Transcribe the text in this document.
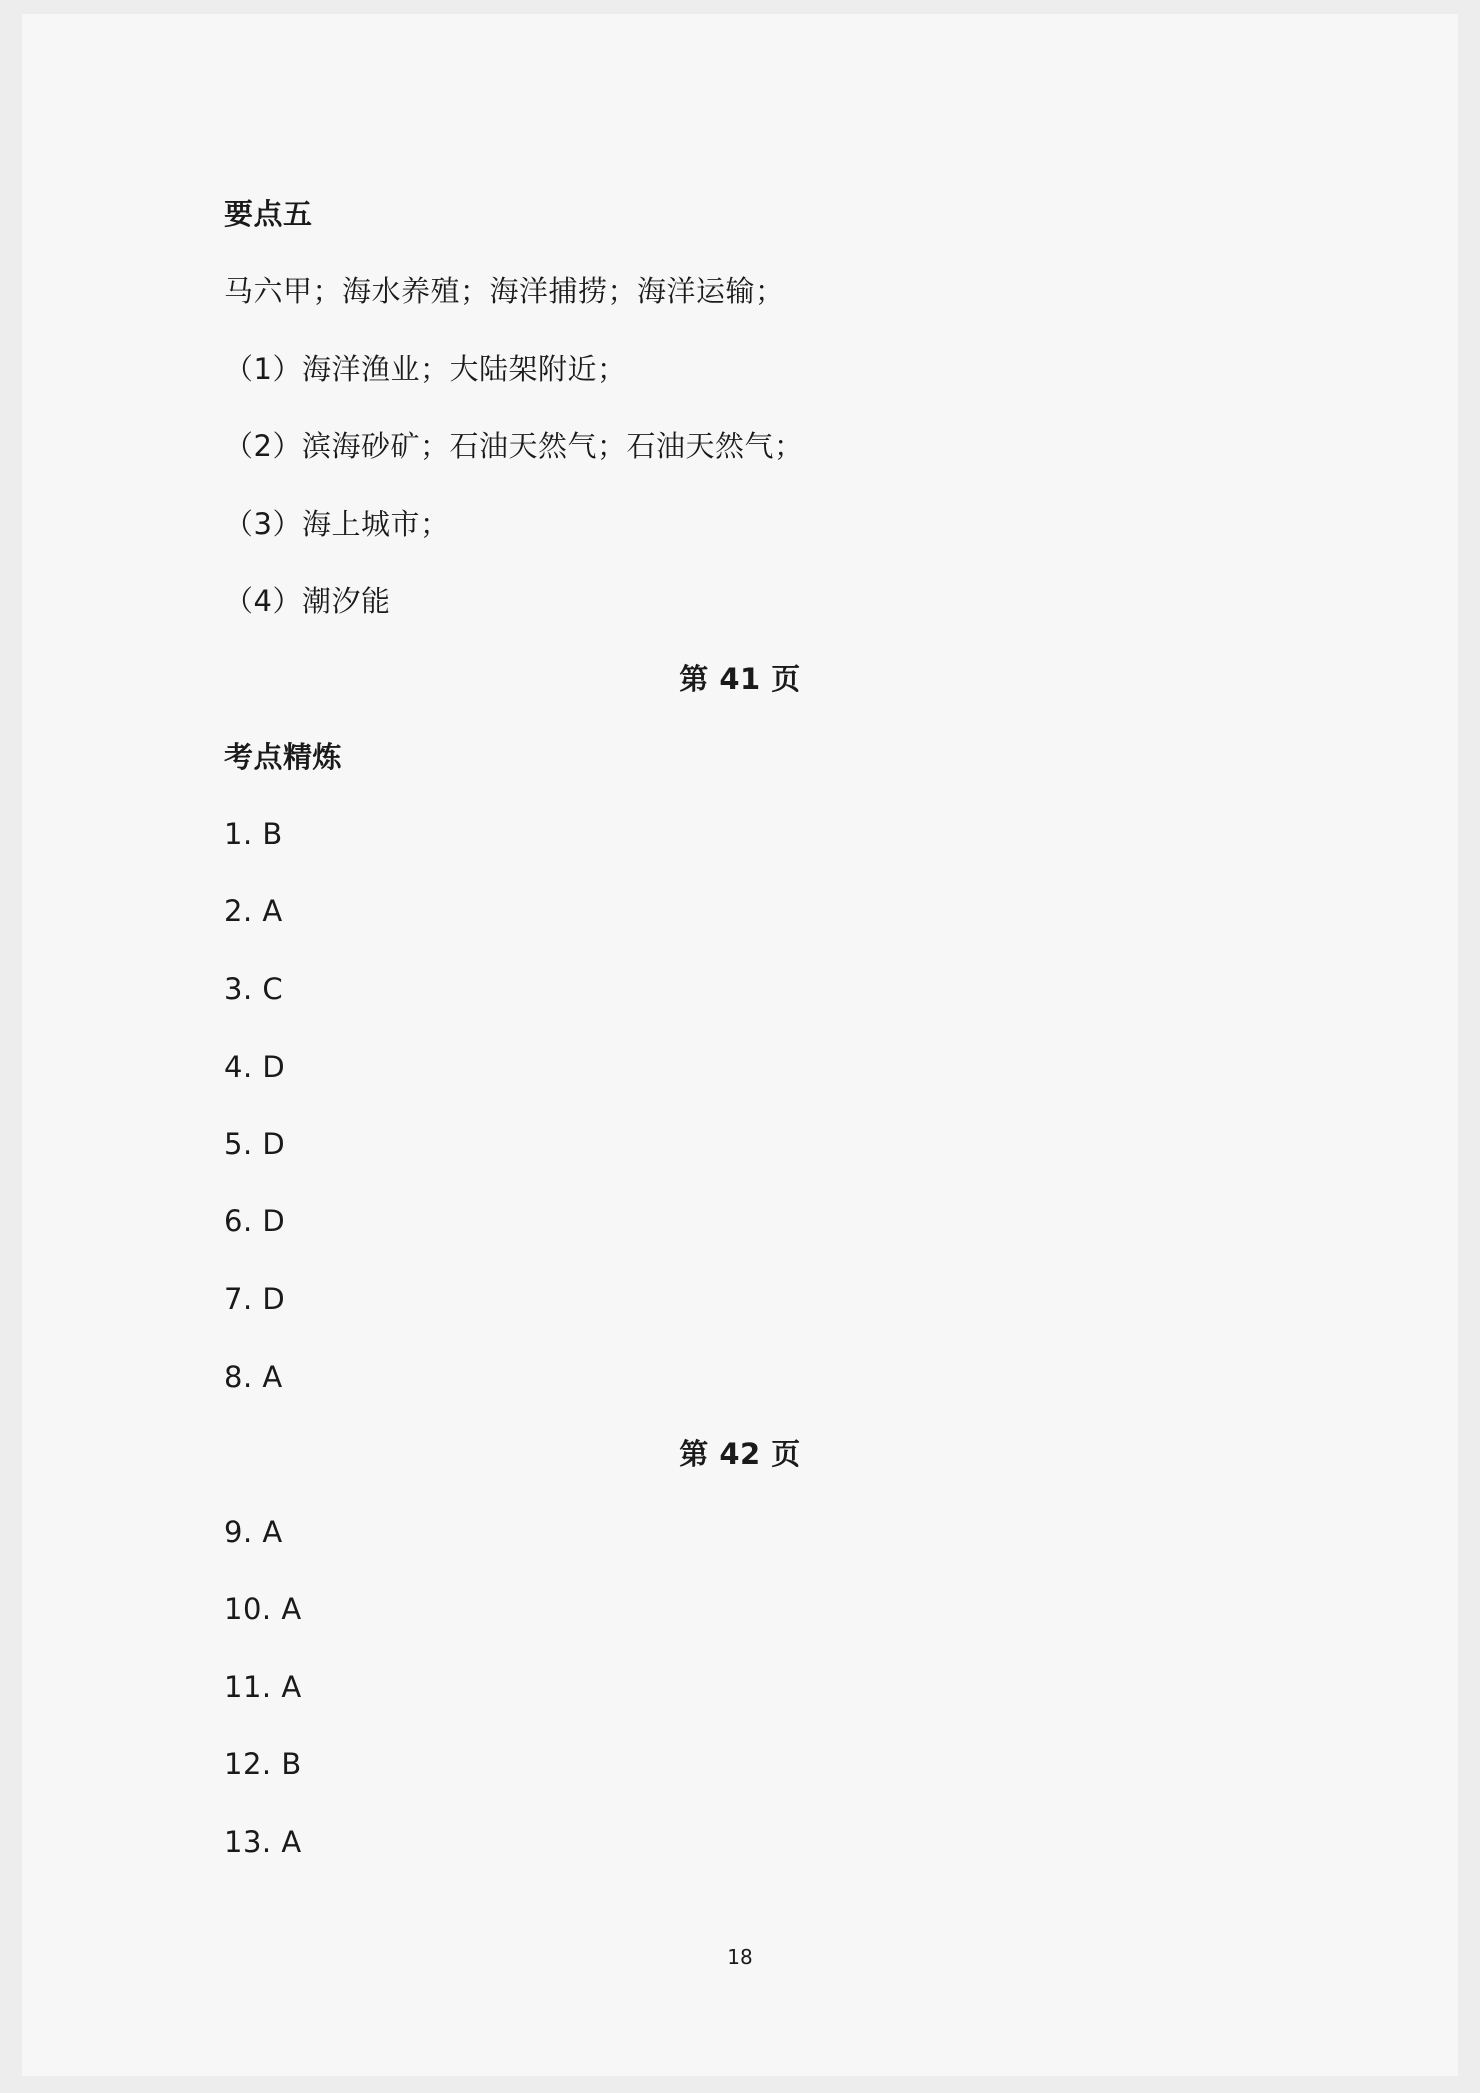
要点五
马六甲；海水养殖；海洋捕捞；海洋运输；
（1）海洋渔业；大陆架附近；
（2）滨海砂矿；石油天然气；石油天然气；
（3）海上城市；
（4）潮汐能
第 41 页
考点精炼
1. B
2. A
3. C
4. D
5. D
6. D
7. D
8. A
第 42 页
9. A
10. A
11. A
12. B
13. A
18
